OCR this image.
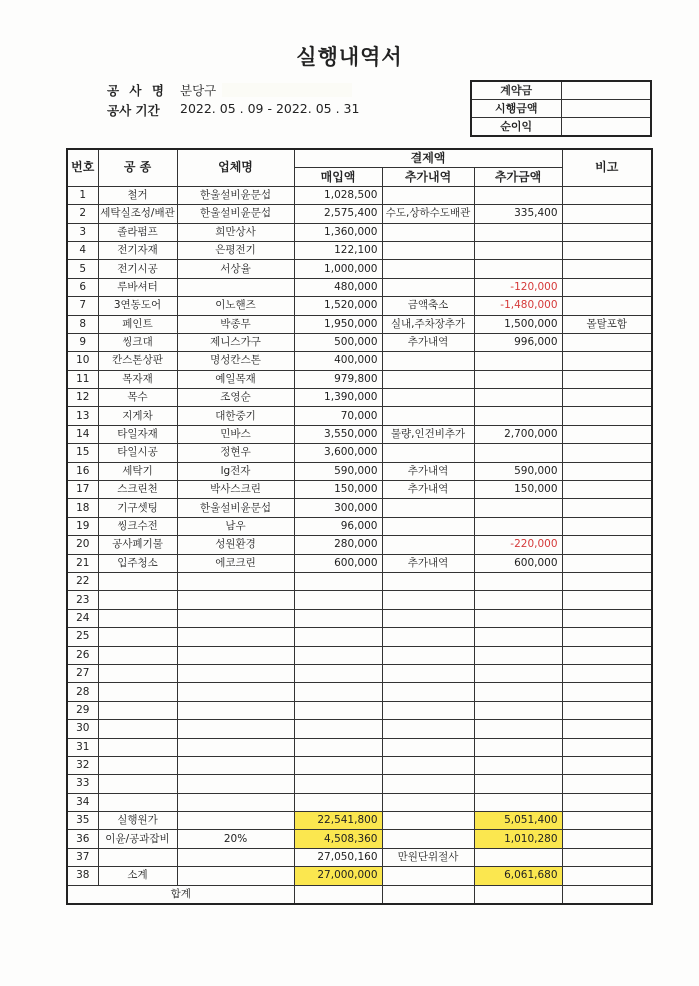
실행내역서
공 사 명 분당구
공사 기간 2022. 05 . 09 - 2022. 05 . 31
계약금	
시행금액	
순이익	
번호	공 종	업체명	결제액			비고
			매입액	추가내역	추가금액	
1	철거	한울설비윤문섭	1,028,500			
2	세탁실조성/배관	한울설비윤문섭	2,575,400	수도,상하수도배관	335,400	
3	졸라펌프	희만상사	1,360,000			
4	전기자재	은평전기	122,100			
5	전기시공	서상율	1,000,000			
6	루바셔터		480,000		-120,000	
7	3연동도어	이노핸즈	1,520,000	금액축소	-1,480,000	
8	페인트	박종무	1,950,000	실내,주차장추가	1,500,000	몰탈포함
9	씽크대	제니스가구	500,000	추가내역	996,000	
10	칸스톤상판	명성칸스톤	400,000			
11	목자재	예일목재	979,800			
12	목수	조영순	1,390,000			
13	지게차	대한중기	70,000			
14	타일자재	민바스	3,550,000	물량,인건비추가	2,700,000	
15	타일시공	정현우	3,600,000			
16	세탁기	lg전자	590,000	추가내역	590,000	
17	스크린천	박사스크린	150,000	추가내역	150,000	
18	기구셋팅	한울설비윤문섭	300,000			
19	씽크수전	남우	96,000			
20	공사폐기물	성원환경	280,000		-220,000	
21	입주청소	에코크린	600,000	추가내역	600,000	
22						
23						
24						
25						
26						
27						
28						
29						
30						
31						
32						
33						
34						
35	실행원가		22,541,800		5,051,400	
36	이윤/공과잡비	20%	4,508,360		1,010,280	
37			27,050,160	만원단위절사		
38	소계		27,000,000		6,061,680	
합계						
